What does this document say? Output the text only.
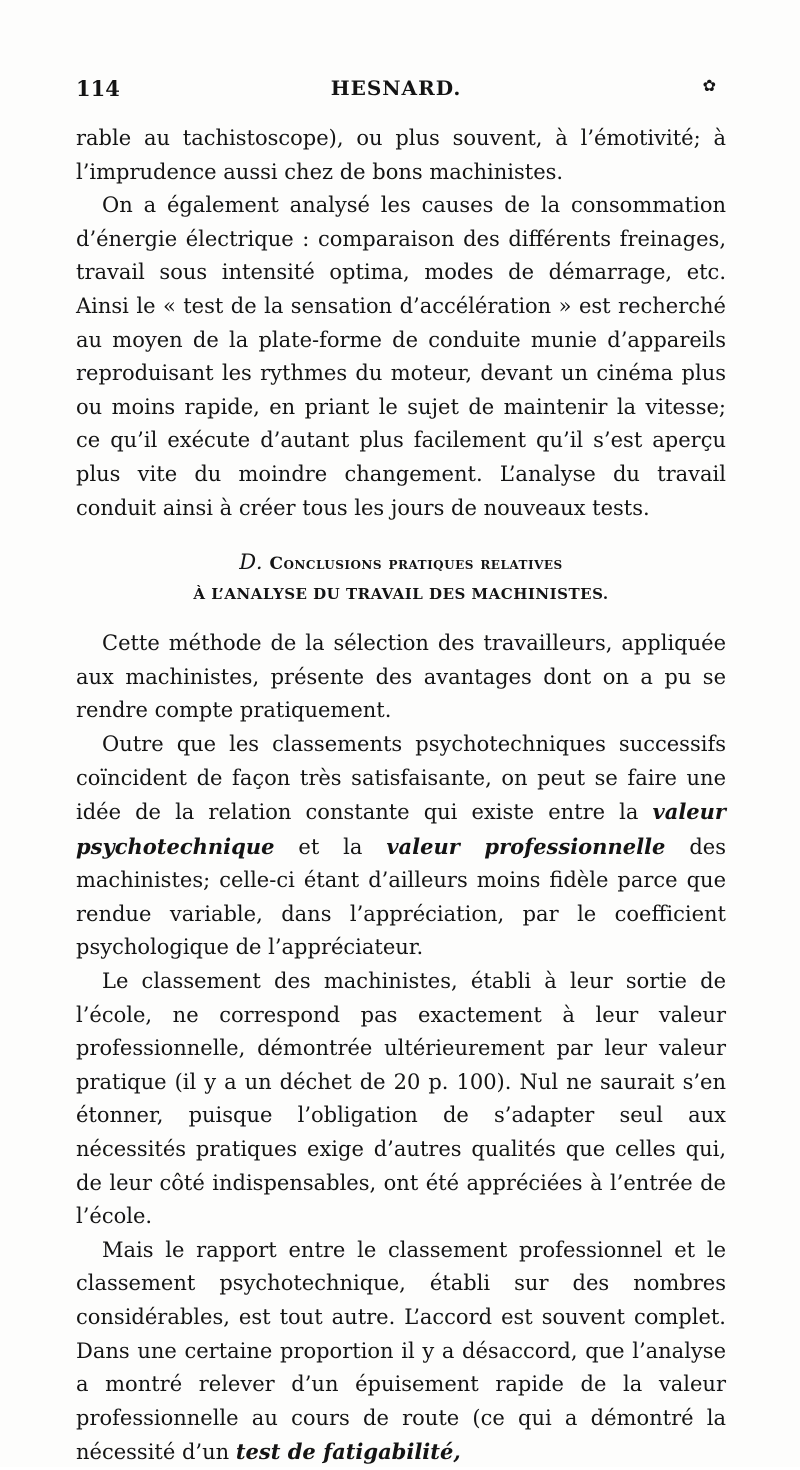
114	HESNARD.	✿

rable au tachistoscope), ou plus souvent, à l’émotivité; à l’imprudence aussi chez de bons machinistes.

On a également analysé les causes de la consommation d’énergie électrique : comparaison des différents freinages, travail sous intensité optima, modes de démarrage, etc. Ainsi le « test de la sensation d’accélération » est recherché au moyen de la plate-forme de conduite munie d’appareils reproduisant les rythmes du moteur, devant un cinéma plus ou moins rapide, en priant le sujet de maintenir la vitesse; ce qu’il exécute d’autant plus facilement qu’il s’est aperçu plus vite du moindre changement. L’analyse du travail conduit ainsi à créer tous les jours de nouveaux tests.

D. Conclusions pratiques relatives
À L’ANALYSE DU TRAVAIL DES MACHINISTES.

Cette méthode de la sélection des travailleurs, appliquée aux machinistes, présente des avantages dont on a pu se rendre compte pratiquement.

Outre que les classements psychotechniques successifs coïncident de façon très satisfaisante, on peut se faire une idée de la relation constante qui existe entre la valeur psychotechnique et la valeur professionnelle des machinistes; celle-ci étant d’ailleurs moins fidèle parce que rendue variable, dans l’appréciation, par le coefficient psychologique de l’appréciateur.

Le classement des machinistes, établi à leur sortie de l’école, ne correspond pas exactement à leur valeur professionnelle, démontrée ultérieurement par leur valeur pratique (il y a un déchet de 20 p. 100). Nul ne saurait s’en étonner, puisque l’obligation de s’adapter seul aux nécessités pratiques exige d’autres qualités que celles qui, de leur côté indispensables, ont été appréciées à l’entrée de l’école.

Mais le rapport entre le classement professionnel et le classement psychotechnique, établi sur des nombres considérables, est tout autre. L’accord est souvent complet. Dans une certaine proportion il y a désaccord, que l’analyse a montré relever d’un épuisement rapide de la valeur professionnelle au cours de route (ce qui a démontré la nécessité d’un test de fatigabilité,
